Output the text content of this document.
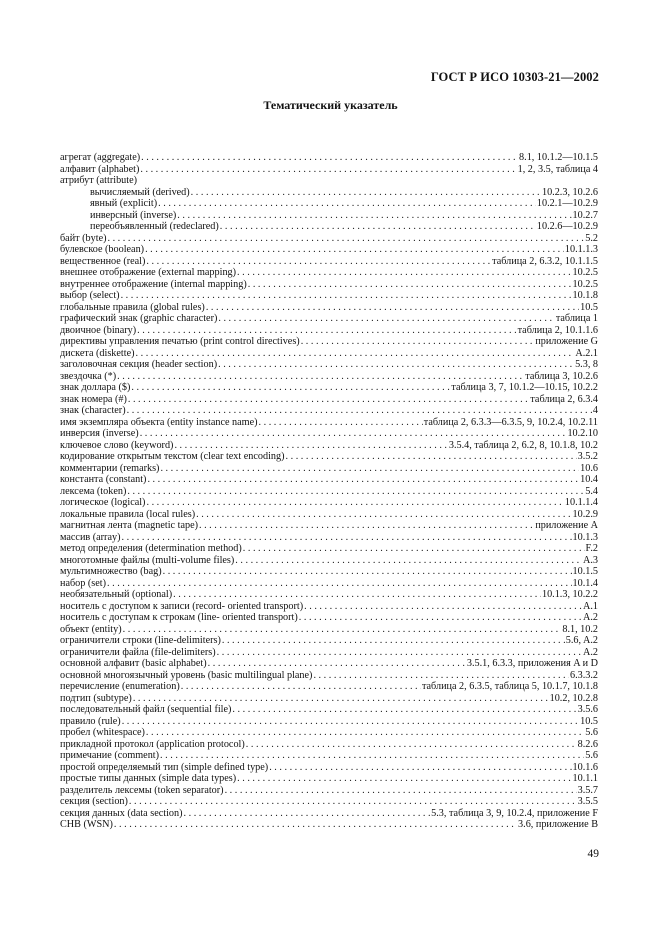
ГОСТ Р ИСО 10303-21—2002
Тематический указатель
агрегат (aggregate) . . .	8.1, 10.1.2—10.1.5
алфавит (alphabet) . . .	1, 2, 3.5, таблица 4
атрибут (attribute)
вычисляемый (derived) . . .	10.2.3, 10.2.6
явный (explicit) . . .	10.2.1—10.2.9
инверсный (inverse) . . .	10.2.7
переобъявленный (redeclared) . . .	10.2.6—10.2.9
байт (byte) . . .	5.2
булевское (boolean) . . .	10.1.1.3
вещественное (real) . . .	таблица 2, 6.3.2, 10.1.1.5
внешнее отображение (external mapping) . . .	10.2.5
внутреннее отображение (internal mapping) . . .	10.2.5
выбор (select) . . .	10.1.8
глобальные правила (global rules) . . .	10.5
графический знак (graphic character) . . .	таблица 1
двоичное (binary) . . .	таблица 2, 10.1.1.6
директивы управления печатью (print control directives) . . .	приложение G
дискета (diskette) . . .	A.2.1
заголовочная секция (header section) . . .	5.3, 8
звездочка (*) . . .	таблица 3, 10.2.6
знак доллара ($) . . .	таблица 3, 7, 10.1.2—10.15, 10.2.2
знак номера (#) . . .	таблица 2, 6.3.4
знак (character) . . .	4
имя экземпляра объекта (entity instance name) . . .	таблица 2, 6.3.3—6.3.5, 9, 10.2.4, 10.2.11
инверсия (inverse) . . .	10.2.10
ключевое слово (keyword) . . .	3.5.4, таблица 2, 6.2, 8, 10.1.8, 10.2
кодирование открытым текстом (clear text encoding) . . .	3.5.2
комментарии (remarks) . . .	10.6
константа (constant) . . .	10.4
лексема (token) . . .	5.4
логическое (logical) . . .	10.1.1.4
локальные правила (local rules) . . .	10.2.9
магнитная лента (magnetic tape) . . .	приложение A
массив (array) . . .	10.1.3
метод определения (determination method) . . .	F.2
многотомные файлы (multi-volume files) . . .	A.3
мультимножество (bag) . . .	10.1.5
набор (set) . . .	10.1.4
необязательный (optional) . . .	10.1.3, 10.2.2
носитель с доступом к записи (record- oriented transport) . . .	A.1
носитель с доступам к строкам (line- oriented transport) . . .	A.2
объект (entity) . . .	8.1, 10.2
ограничители строки (line-delimiters) . . .	5.6, A.2
ограничители файла (file-delimiters) . . .	A.2
основной алфавит (basic alphabet) . . .	3.5.1, 6.3.3, приложения A и D
основной многоязычный уровень (basic multilingual plane) . . .	6.3.3.2
перечисление (enumeration) . . .	таблица 2, 6.3.5, таблица 5, 10.1.7, 10.1.8
подтип (subtype) . . .	10.2, 10.2.8
последовательный файл (sequential file) . . .	3.5.6
правило (rule) . . .	10.5
пробел (whitespace) . . .	5.6
прикладной протокол (application protocol) . . .	8.2.6
примечание (comment) . . .	5.6
простой определяемый тип (simple defined type) . . .	10.1.6
простые типы данных (simple data types) . . .	10.1.1
разделитель лексемы (token separator) . . .	3.5.7
секция (section) . . .	3.5.5
секция данных (data section) . . .	5.3, таблица 3, 9, 10.2.4, приложение F
СНВ (WSN) . . .	3.6, приложение B
49
